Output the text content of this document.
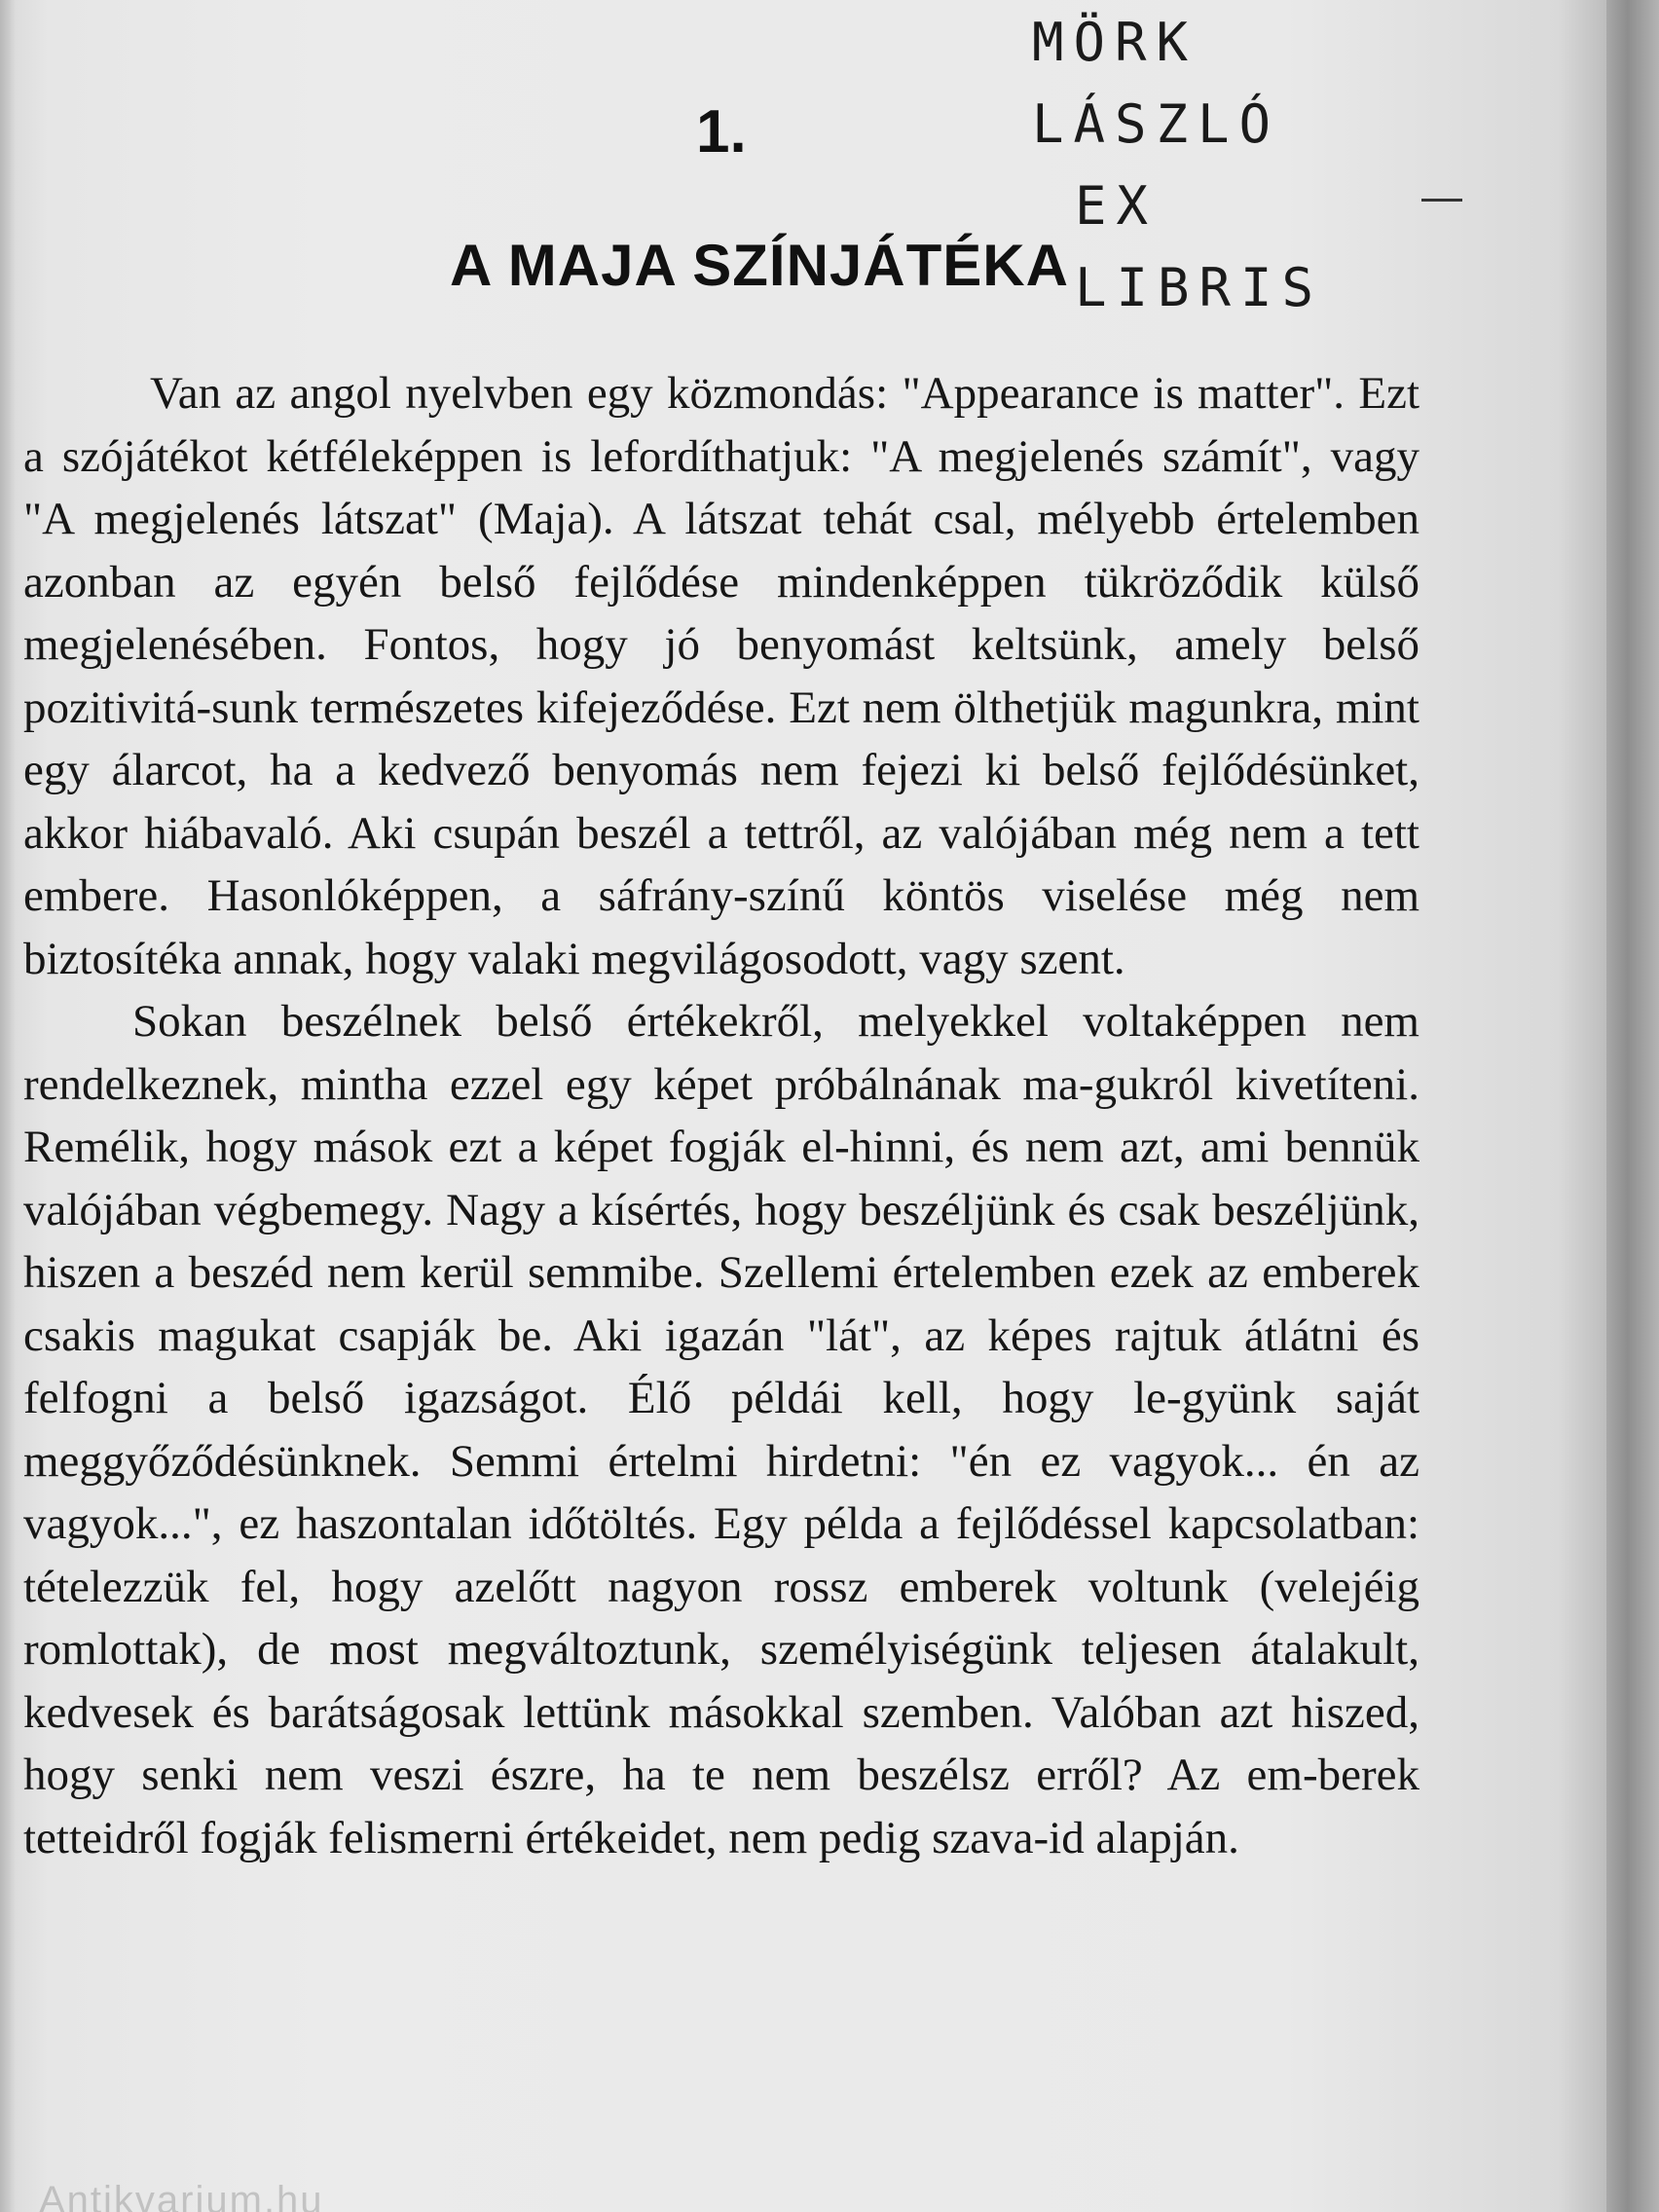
MÖRK LÁSZLÓ
EX LIBRIS
1.
A MAJA SZÍNJÁTÉKA

Van az angol nyelvben egy közmondás: "Appearance is matter". Ezt a szójátékot kétféleképpen is lefordíthatjuk: "A megjelenés számít", vagy "A megjelenés látszat" (Maja). A látszat tehát csal, mélyebb értelemben azonban az egyén belső fejlődése mindenképpen tükröződik külső megjelenésében. Fontos, hogy jó benyomást keltsünk, amely belső pozitivitá-sunk természetes kifejeződése. Ezt nem ölthetjük magunkra, mint egy álarcot, ha a kedvező benyomás nem fejezi ki belső fejlődésünket, akkor hiábavaló. Aki csupán beszél a tettről, az valójában még nem a tett embere. Hasonlóképpen, a sáfrány-színű köntös viselése még nem biztosítéka annak, hogy valaki megvilágosodott, vagy szent.

Sokan beszélnek belső értékekről, melyekkel voltaképpen nem rendelkeznek, mintha ezzel egy képet próbálnának ma-gukról kivetíteni. Remélik, hogy mások ezt a képet fogják el-hinni, és nem azt, ami bennük valójában végbemegy. Nagy a kísértés, hogy beszéljünk és csak beszéljünk, hiszen a beszéd nem kerül semmibe. Szellemi értelemben ezek az emberek csakis magukat csapják be. Aki igazán "lát", az képes rajtuk átlátni és felfogni a belső igazságot. Élő példái kell, hogy le-gyünk saját meggyőződésünknek. Semmi értelmi hirdetni: "én ez vagyok... én az vagyok...", ez haszontalan időtöltés. Egy példa a fejlődéssel kapcsolatban: tételezzük fel, hogy azelőtt nagyon rossz emberek voltunk (velejéig romlottak), de most megváltoztunk, személyiségünk teljesen átalakult, kedvesek és barátságosak lettünk másokkal szemben. Valóban azt hiszed, hogy senki nem veszi észre, ha te nem beszélsz erről? Az em-berek tetteidről fogják felismerni értékeidet, nem pedig szava-id alapján.

Antikvarium.hu
